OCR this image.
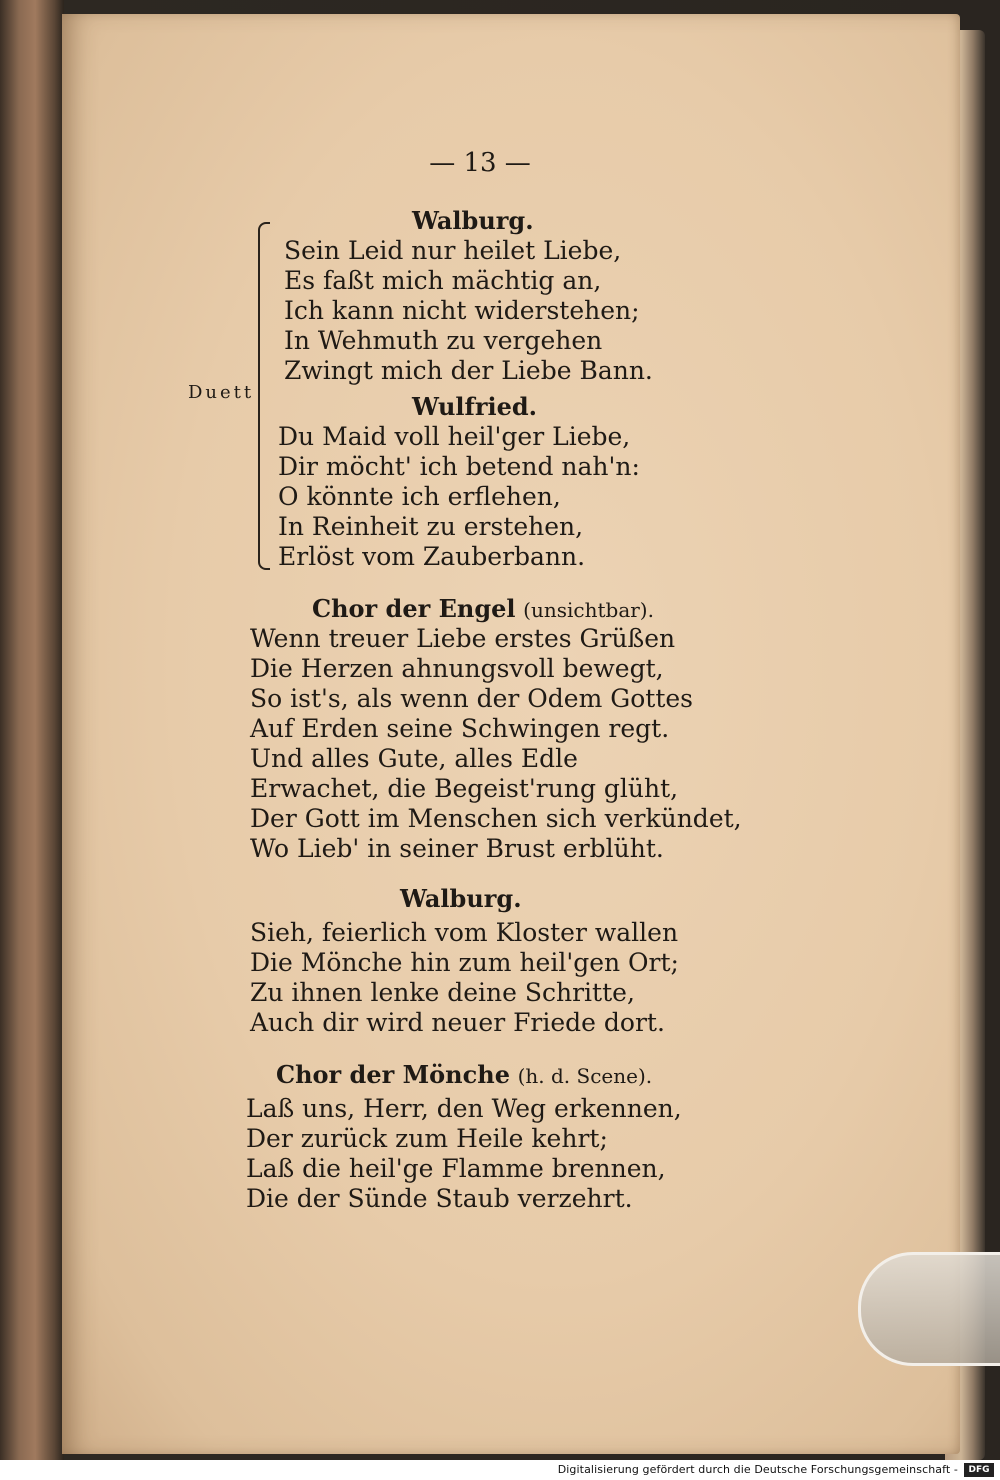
— 13 —
Duett
Walburg.
Sein Leid nur heilet Liebe,
Es faßt mich mächtig an,
Ich kann nicht widerstehen;
In Wehmuth zu vergehen
Zwingt mich der Liebe Bann.
Wulfried.
Du Maid voll heil'ger Liebe,
Dir möcht' ich betend nah'n:
O könnte ich erflehen,
In Reinheit zu erstehen,
Erlöst vom Zauberbann.
Chor der Engel (unsichtbar).
Wenn treuer Liebe erstes Grüßen
Die Herzen ahnungsvoll bewegt,
So ist's, als wenn der Odem Gottes
Auf Erden seine Schwingen regt.
Und alles Gute, alles Edle
Erwachet, die Begeist'rung glüht,
Der Gott im Menschen sich verkündet,
Wo Lieb' in seiner Brust erblüht.
Walburg.
Sieh, feierlich vom Kloster wallen
Die Mönche hin zum heil'gen Ort;
Zu ihnen lenke deine Schritte,
Auch dir wird neuer Friede dort.
Chor der Mönche (h. d. Scene).
Laß uns, Herr, den Weg erkennen,
Der zurück zum Heile kehrt;
Laß die heil'ge Flamme brennen,
Die der Sünde Staub verzehrt.
Digitalisierung gefördert durch die Deutsche Forschungsgemeinschaft -	DFG
